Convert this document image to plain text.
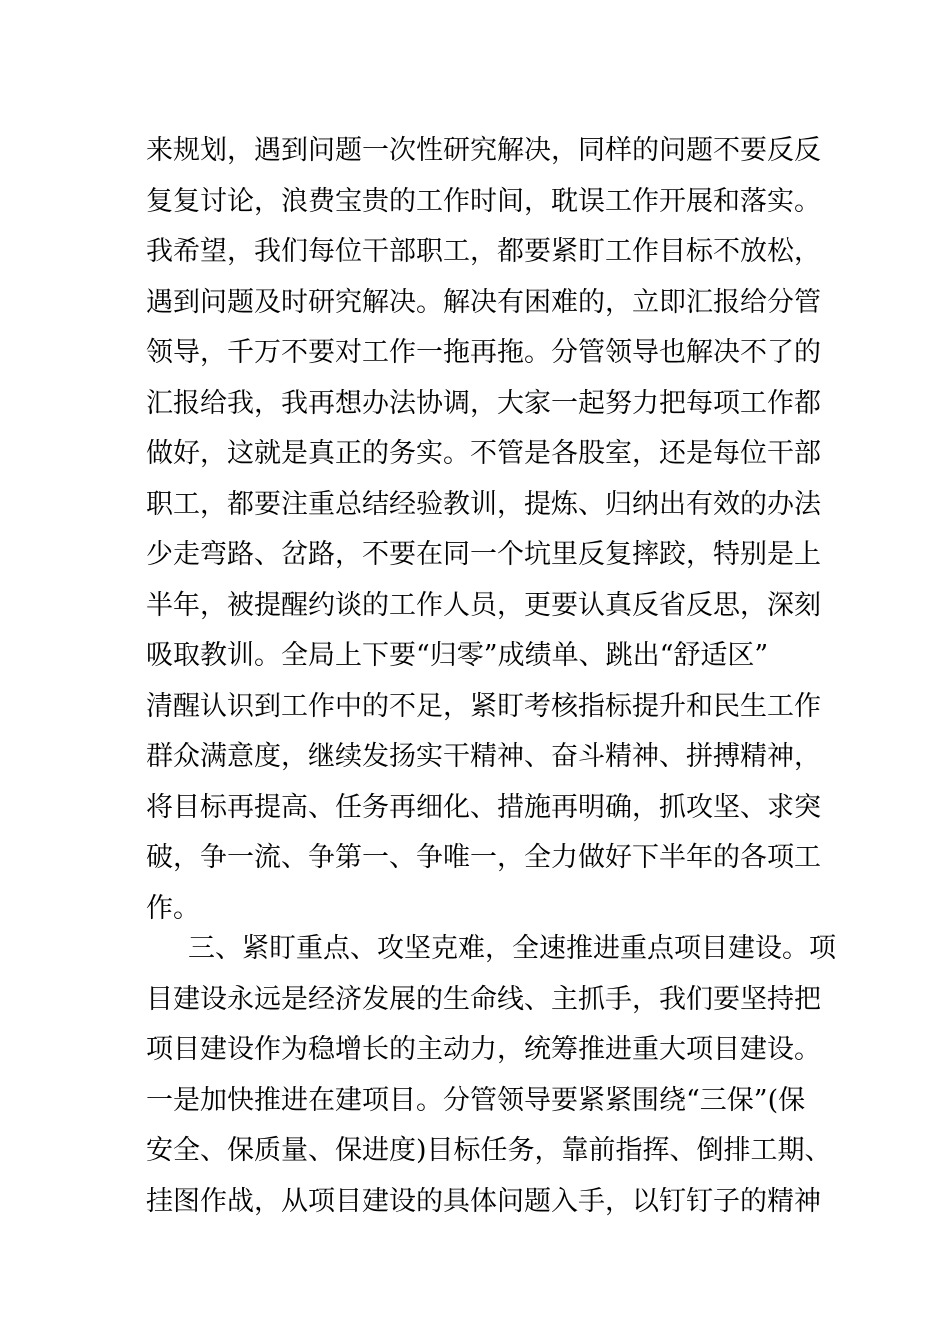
来规划，遇到问题一次性研究解决，同样的问题不要反反
复复讨论，浪费宝贵的工作时间，耽误工作开展和落实。
我希望，我们每位干部职工，都要紧盯工作目标不放松，
遇到问题及时研究解决。解决有困难的，立即汇报给分管
领导，千万不要对工作一拖再拖。分管领导也解决不了的
汇报给我，我再想办法协调，大家一起努力把每项工作都
做好，这就是真正的务实。不管是各股室，还是每位干部
职工，都要注重总结经验教训，提炼、归纳出有效的办法
少走弯路、岔路，不要在同一个坑里反复摔跤，特别是上
半年，被提醒约谈的工作人员，更要认真反省反思，深刻
吸取教训。全局上下要“归零”成绩单、跳出“舒适区”
清醒认识到工作中的不足，紧盯考核指标提升和民生工作
群众满意度，继续发扬实干精神、奋斗精神、拼搏精神，
将目标再提高、任务再细化、措施再明确，抓攻坚、求突
破，争一流、争第一、争唯一，全力做好下半年的各项工
作。
三、紧盯重点、攻坚克难，全速推进重点项目建设。项
目建设永远是经济发展的生命线、主抓手，我们要坚持把
项目建设作为稳增长的主动力，统筹推进重大项目建设。
一是加快推进在建项目。分管领导要紧紧围绕“三保”(保
安全、保质量、保进度)目标任务，靠前指挥、倒排工期、
挂图作战，从项目建设的具体问题入手，以钉钉子的精神
